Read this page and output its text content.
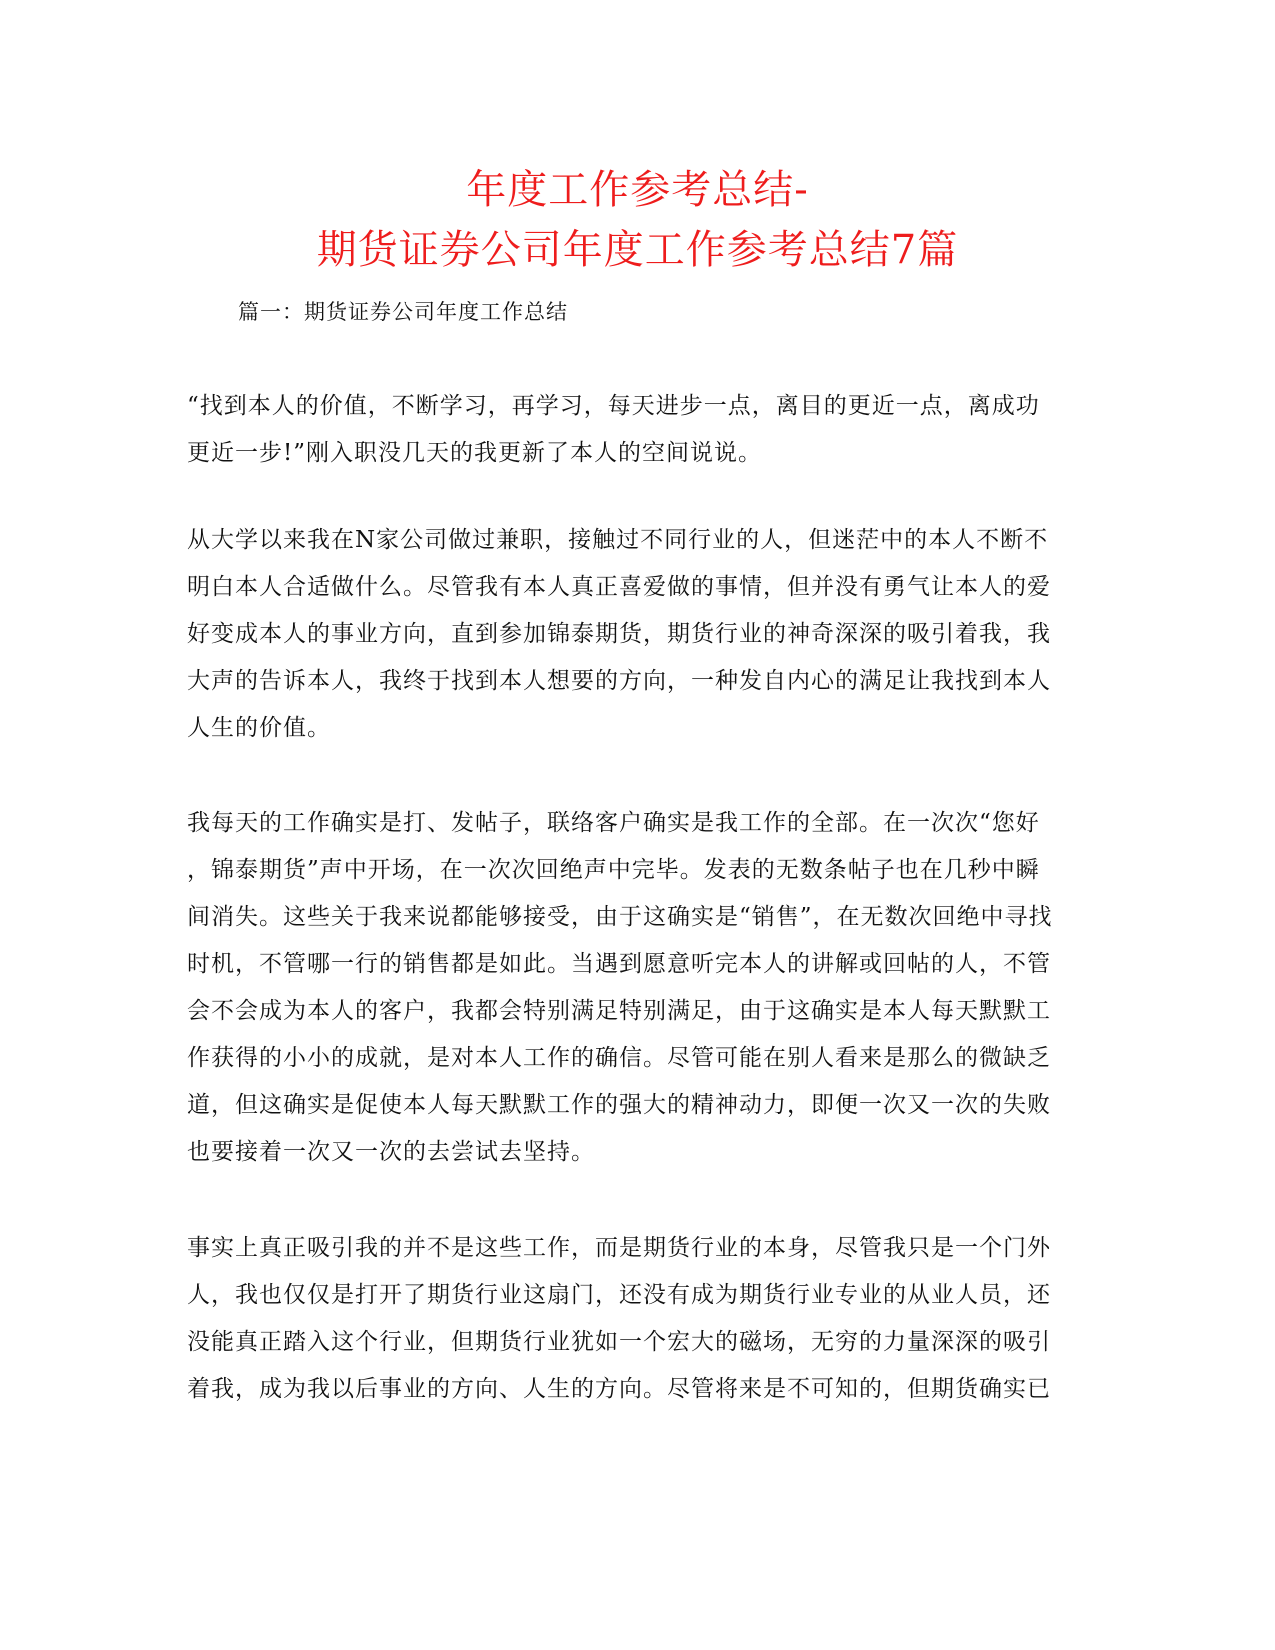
年度工作参考总结-
期货证券公司年度工作参考总结7篇
篇一：期货证券公司年度工作总结
“找到本人的价值，不断学习，再学习，每天进步一点，离目的更近一点，离成功
更近一步!”刚入职没几天的我更新了本人的空间说说。
从大学以来我在N家公司做过兼职，接触过不同行业的人，但迷茫中的本人不断不
明白本人合适做什么。尽管我有本人真正喜爱做的事情，但并没有勇气让本人的爱
好变成本人的事业方向，直到参加锦泰期货，期货行业的神奇深深的吸引着我，我
大声的告诉本人，我终于找到本人想要的方向，一种发自内心的满足让我找到本人
人生的价值。
我每天的工作确实是打、发帖子，联络客户确实是我工作的全部。在一次次“您好
，锦泰期货”声中开场，在一次次回绝声中完毕。发表的无数条帖子也在几秒中瞬
间消失。这些关于我来说都能够接受，由于这确实是“销售”，在无数次回绝中寻找
时机，不管哪一行的销售都是如此。当遇到愿意听完本人的讲解或回帖的人，不管
会不会成为本人的客户，我都会特别满足特别满足，由于这确实是本人每天默默工
作获得的小小的成就，是对本人工作的确信。尽管可能在别人看来是那么的微缺乏
道，但这确实是促使本人每天默默工作的强大的精神动力，即便一次又一次的失败
也要接着一次又一次的去尝试去坚持。
事实上真正吸引我的并不是这些工作，而是期货行业的本身，尽管我只是一个门外
人，我也仅仅是打开了期货行业这扇门，还没有成为期货行业专业的从业人员，还
没能真正踏入这个行业，但期货行业犹如一个宏大的磁场，无穷的力量深深的吸引
着我，成为我以后事业的方向、人生的方向。尽管将来是不可知的，但期货确实已
